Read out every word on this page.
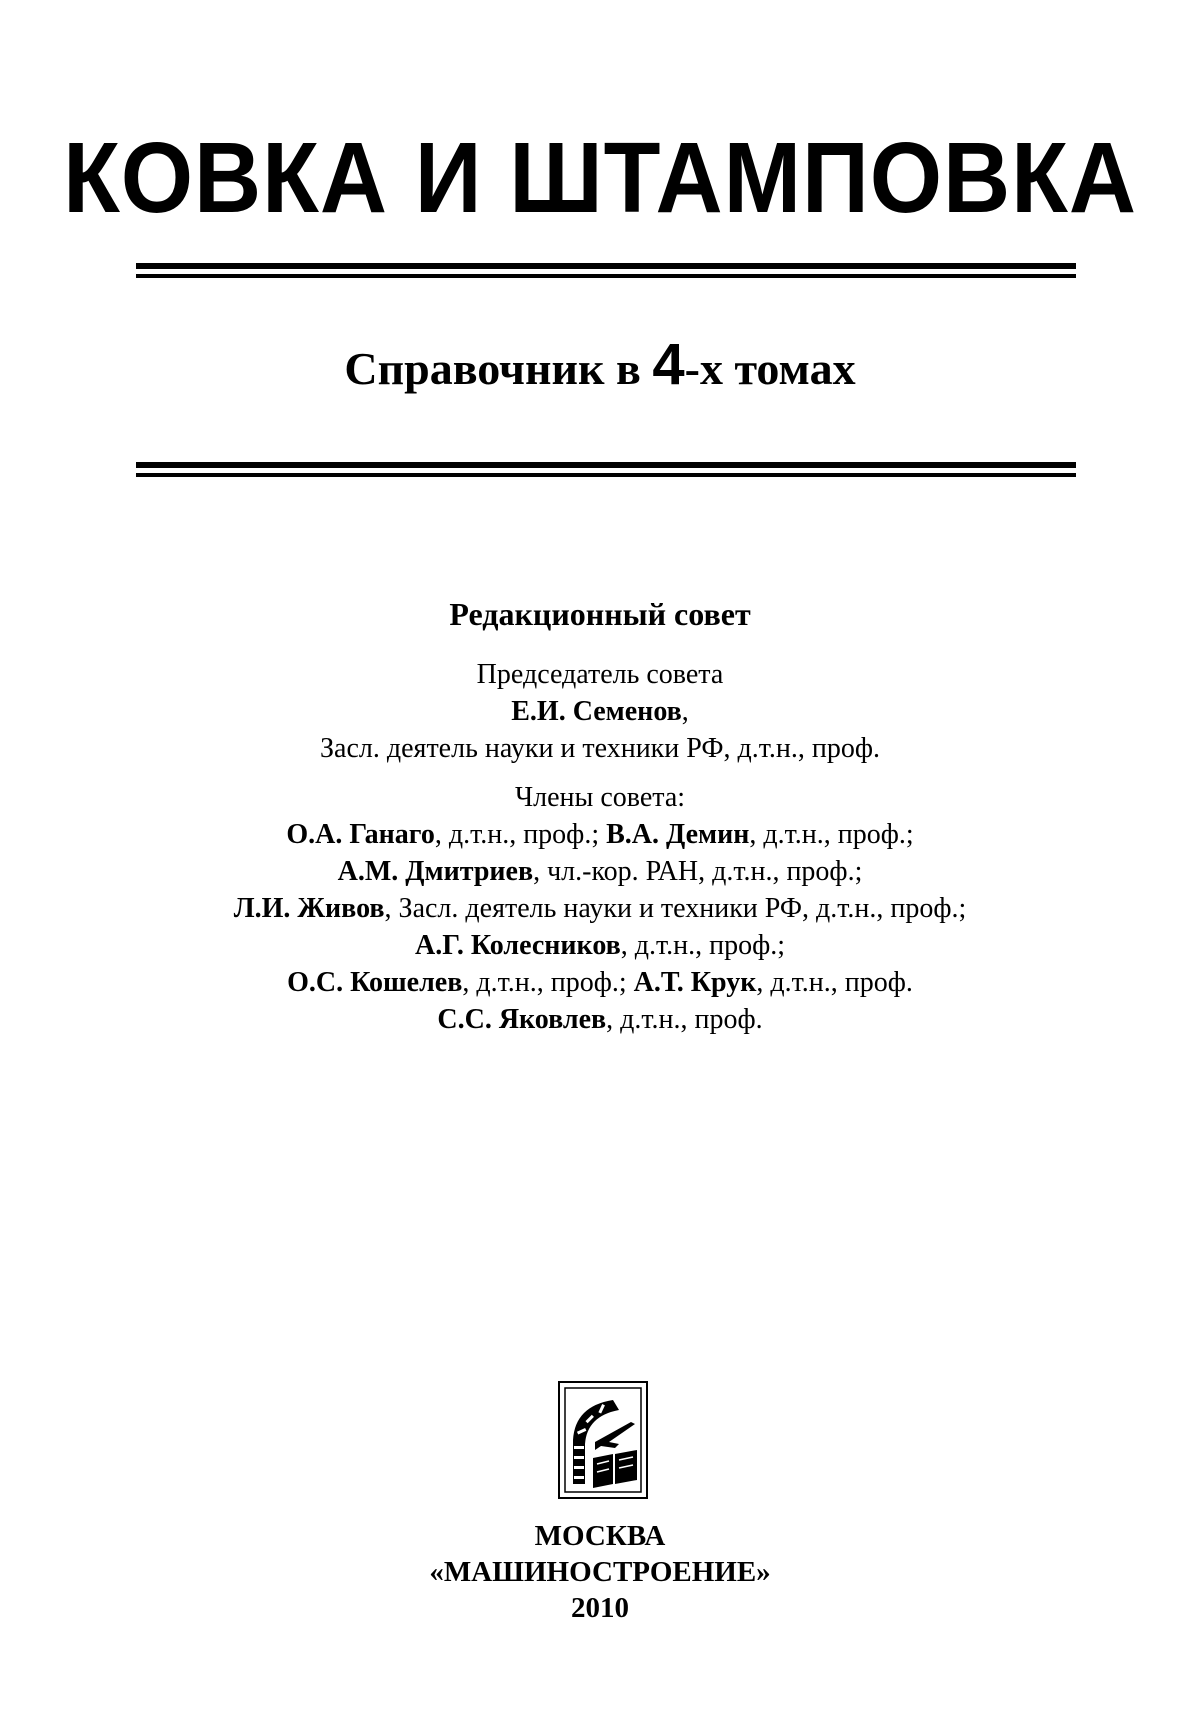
КОВКА И ШТАМПОВКА
Справочник в 4-х томах
Редакционный совет
Председатель совета
Е.И. Семенов,
Засл. деятель науки и техники РФ, д.т.н., проф.
Члены совета:
О.А. Ганаго, д.т.н., проф.; В.А. Демин, д.т.н., проф.;
А.М. Дмитриев, чл.-кор. РАН, д.т.н., проф.;
Л.И. Живов, Засл. деятель науки и техники РФ, д.т.н., проф.;
А.Г. Колесников, д.т.н., проф.;
О.С. Кошелев, д.т.н., проф.; А.Т. Крук, д.т.н., проф.
С.С. Яковлев, д.т.н., проф.
МОСКВА
«МАШИНОСТРОЕНИЕ»
2010
